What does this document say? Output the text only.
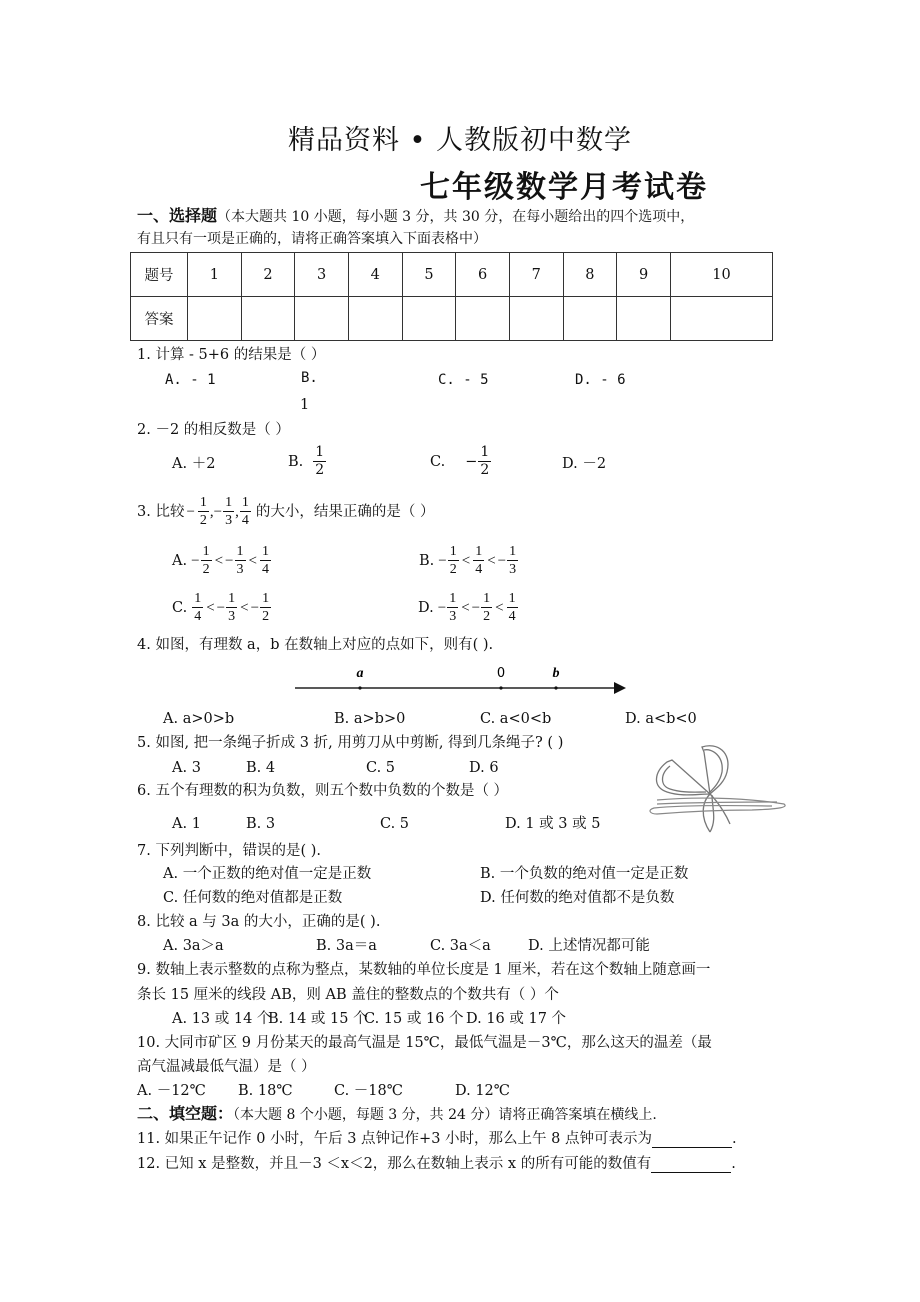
精品资料 • 人教版初中数学
七年级数学月考试卷
一、选择题（本大题共 10 小题，每小题 3 分，共 30 分，在每小题给出的四个选项中，
有且只有一项是正确的，请将正确答案填入下面表格中）
题号	1	2	3	4	5	6	7	8	9	10
答案										
1. 计算 - 5+6 的结果是（ ）
A. - 1	B.
1
C. - 5	D. - 6
2. －2 的相反数是（ ）
A. ＋2	B. $\frac{1}{2}$	C. − $\frac{1}{2}$	D. －2
3. 比较 − $\frac{1}{2}$ , − $\frac{1}{3}$ , $\frac{1}{4}$ 的大小，结果正确的是（ ）
A. − $\frac{1}{2}$ < − $\frac{1}{3} < \frac{1}{4}$	B. − $\frac{1}{2} < \frac{1}{4}$ < − $\frac{1}{3}$
C. $\frac{1}{4}$ < − $\frac{1}{3}$ < − $\frac{1}{2}$	D. − $\frac{1}{3}$ < − $\frac{1}{2} < \frac{1}{4}$
4. 如图，有理数 a，b 在数轴上对应的点如下，则有( ).
a	0	b
A. a>0>b	B. a>b>0	C. a<0<b	D. a<b<0
5. 如图, 把一条绳子折成 3 折, 用剪刀从中剪断, 得到几条绳子? ( )
A. 3	B. 4	C. 5	D. 6
6. 五个有理数的积为负数，则五个数中负数的个数是（ ）
A. 1	B. 3	C. 5	D. 1 或 3 或 5
7. 下列判断中，错误的是( ).
A. 一个正数的绝对值一定是正数	B. 一个负数的绝对值一定是正数
C. 任何数的绝对值都是正数	D. 任何数的绝对值都不是负数
8. 比较 a 与 3a 的大小，正确的是( ).
A. 3a＞a	B. 3a＝a	C. 3a＜a	D. 上述情况都可能
9. 数轴上表示整数的点称为整点，某数轴的单位长度是 1 厘米，若在这个数轴上随意画一
条长 15 厘米的线段 AB，则 AB 盖住的整数点的个数共有（ ）个
A. 13 或 14 个
B. 14 或 15 个
C. 15 或 16 个 D. 16 或 17 个
10. 大同市矿区 9 月份某天的最高气温是 15℃，最低气温是－3℃，那么这天的温差（最
高气温减最低气温）是（ ）
A. －12℃ B. 18℃	C. －18℃	D. 12℃
二、填空题：（本大题 8 个小题，每题 3 分，共 24 分）请将正确答案填在横线上.
11. 如果正午记作 0 小时，午后 3 点钟记作+3 小时，那么上午 8 点钟可表示为	.
12. 已知 x 是整数，并且－3 ＜x＜2，那么在数轴上表示 x 的所有可能的数值有	.
